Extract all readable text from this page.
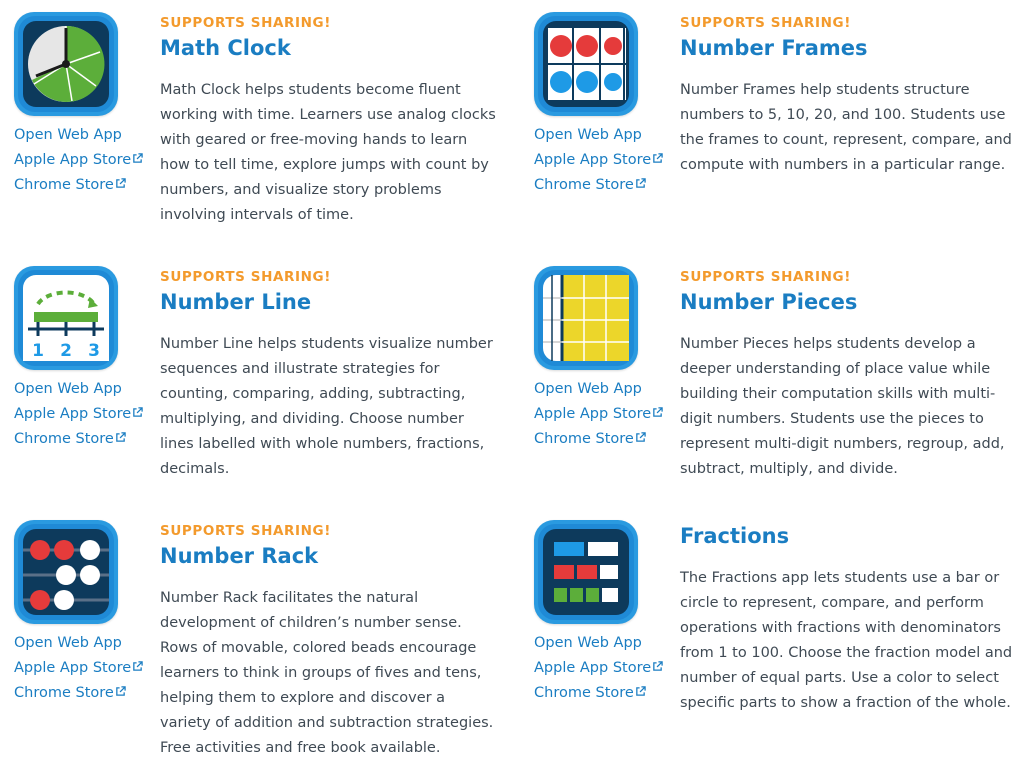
Open Web App
Apple App Store
Chrome Store
SUPPORTS SHARING!
Math Clock
Math Clock helps students become fluent working with time. Learners use analog clocks with geared or free-moving hands to learn how to tell time, explore jumps with count by numbers, and visualize story problems involving intervals of time.
Open Web App
Apple App Store
Chrome Store
SUPPORTS SHARING!
Number Frames
Number Frames help students structure numbers to 5, 10, 20, and 100. Students use the frames to count, represent, compare, and compute with numbers in a particular range.
1 2 3
Open Web App
Apple App Store
Chrome Store
SUPPORTS SHARING!
Number Line
Number Line helps students visualize number sequences and illustrate strategies for counting, comparing, adding, subtracting, multiplying, and dividing. Choose number lines labelled with whole numbers, fractions, decimals.
Open Web App
Apple App Store
Chrome Store
SUPPORTS SHARING!
Number Pieces
Number Pieces helps students develop a deeper understanding of place value while building their computation skills with multi-digit numbers. Students use the pieces to represent multi-digit numbers, regroup, add, subtract, multiply, and divide.
Open Web App
Apple App Store
Chrome Store
SUPPORTS SHARING!
Number Rack
Number Rack facilitates the natural development of children’s number sense. Rows of movable, colored beads encourage learners to think in groups of fives and tens, helping them to explore and discover a variety of addition and subtraction strategies. Free activities and free book available.
Open Web App
Apple App Store
Chrome Store
Fractions
The Fractions app lets students use a bar or circle to represent, compare, and perform operations with fractions with denominators from 1 to 100. Choose the fraction model and number of equal parts. Use a color to select specific parts to show a fraction of the whole.
